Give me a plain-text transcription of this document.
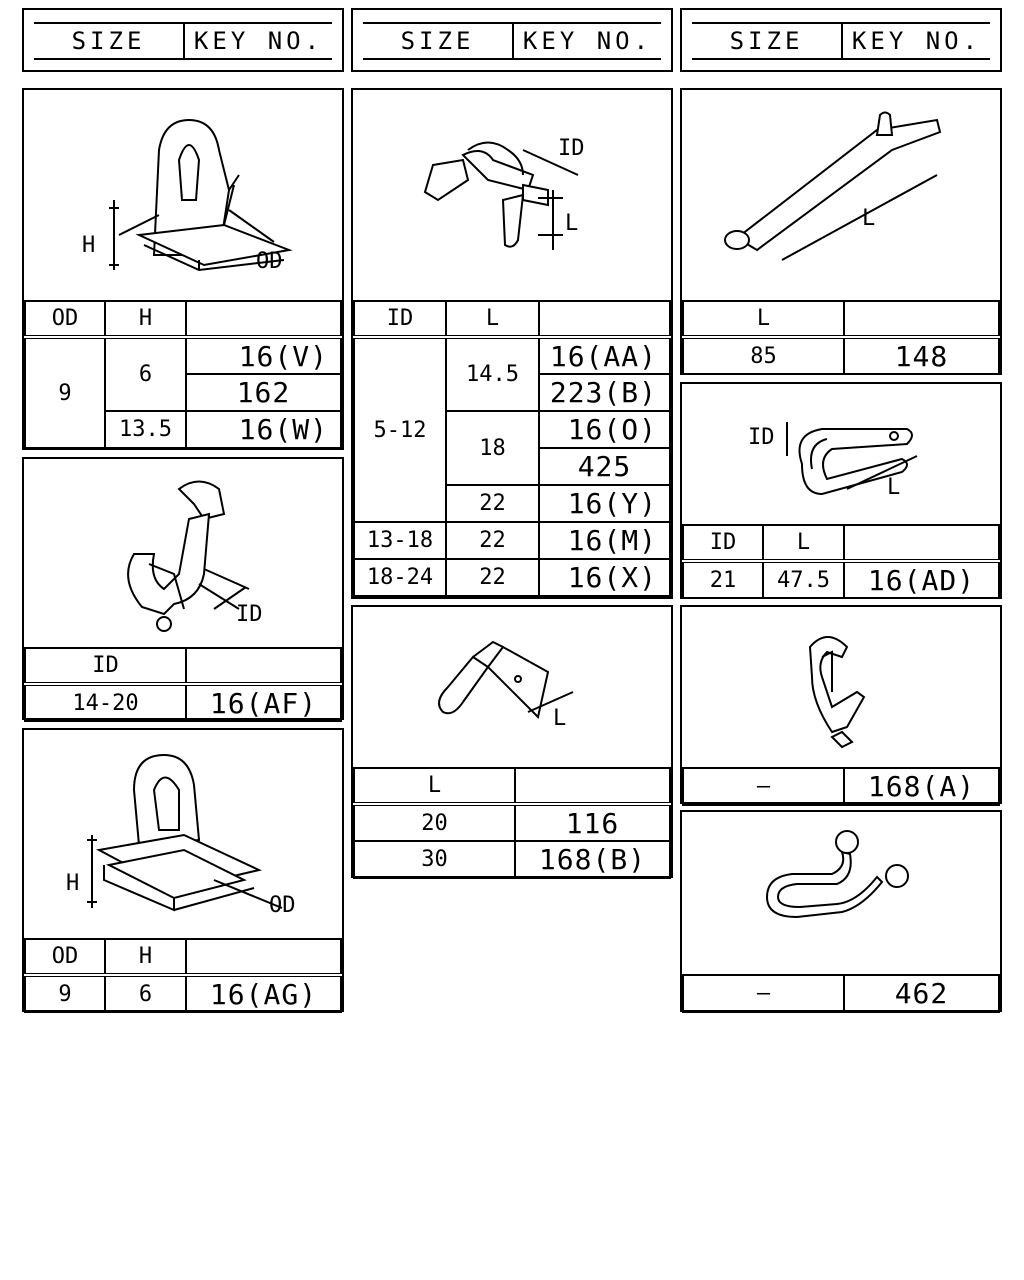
SIZE	KEY NO.	SIZE	KEY NO.	SIZE	KEY NO.
H
OD
OD	H	
9	6	16(V)
		162
	13.5	16(W)
ID
ID	
14-20	16(AF)
H
OD
OD	H	
9	6	16(AG)
ID
L
ID	L	
5-12	14.5	16(AA)
		223(B)
	18	16(O)
		425
	22	16(Y)
13-18	22	16(M)
18-24	22	16(X)
L
L	
20	116
30	168(B)
L
L	
85	148
ID
L
ID	L	
21	47.5	16(AD)
—	168(A)
—	462
